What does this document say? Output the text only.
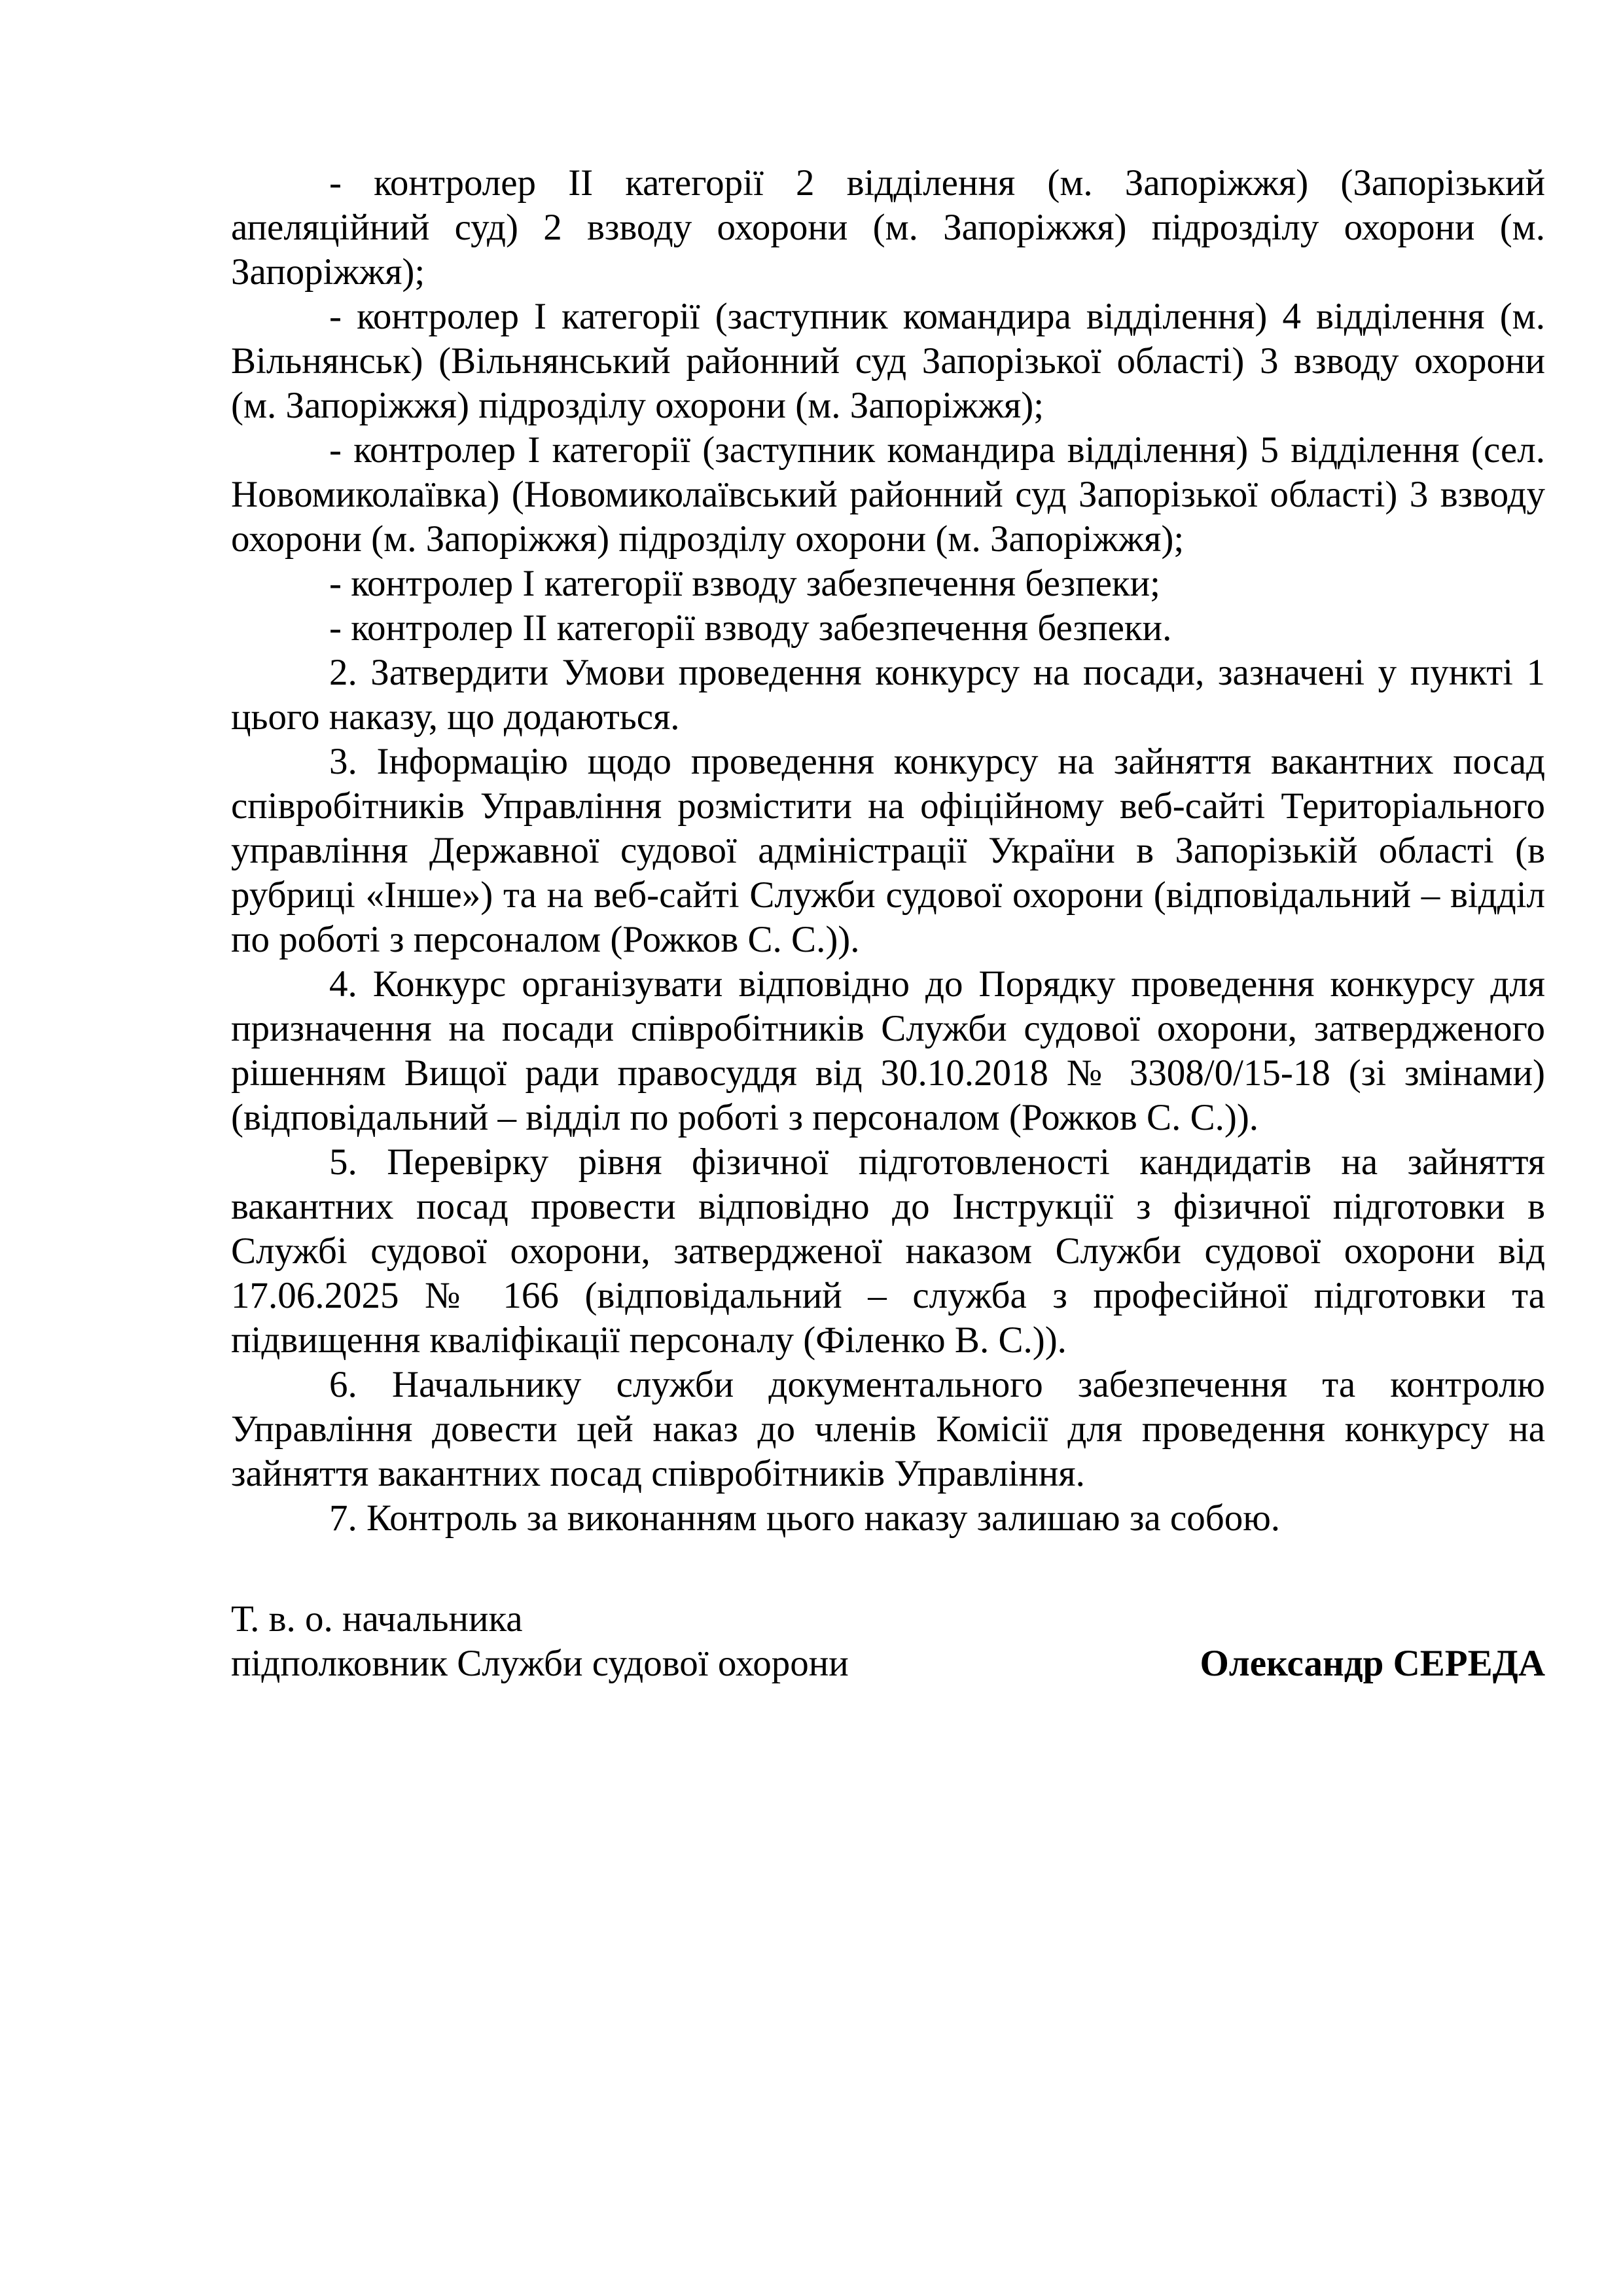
- контролер ІІ категорії 2 відділення (м. Запоріжжя) (Запорізький апеляційний суд) 2 взводу охорони (м. Запоріжжя) підрозділу охорони (м. Запоріжжя);

- контролер І категорії (заступник командира відділення) 4 відділення (м. Вільнянськ) (Вільнянський районний суд Запорізької області) 3 взводу охорони (м. Запоріжжя) підрозділу охорони (м. Запоріжжя);

- контролер І категорії (заступник командира відділення) 5 відділення (сел. Новомиколаївка) (Новомиколаївський районний суд Запорізької області) 3 взводу охорони (м. Запоріжжя) підрозділу охорони (м. Запоріжжя);

- контролер І категорії взводу забезпечення безпеки;

- контролер ІІ категорії взводу забезпечення безпеки.

2. Затвердити Умови проведення конкурсу на посади, зазначені у пункті 1 цього наказу, що додаються.

3. Інформацію щодо проведення конкурсу на зайняття вакантних посад співробітників Управління розмістити на офіційному веб-сайті Територіального управління Державної судової адміністрації України в Запорізькій області (в рубриці «Інше») та на веб-сайті Служби судової охорони (відповідальний – відділ по роботі з персоналом (Рожков С. С.)).

4. Конкурс організувати відповідно до Порядку проведення конкурсу для призначення на посади співробітників Служби судової охорони, затвердженого рішенням Вищої ради правосуддя від 30.10.2018 № 3308/0/15-18 (зі змінами) (відповідальний – відділ по роботі з персоналом (Рожков С. С.)).

5. Перевірку рівня фізичної підготовленості кандидатів на зайняття вакантних посад провести відповідно до Інструкції з фізичної підготовки в Службі судової охорони, затвердженої наказом Служби судової охорони від 17.06.2025 № 166 (відповідальний – служба з професійної підготовки та підвищення кваліфікації персоналу (Філенко В. С.)).

6. Начальнику служби документального забезпечення та контролю Управління довести цей наказ до членів Комісії для проведення конкурсу на зайняття вакантних посад співробітників Управління.

7. Контроль за виконанням цього наказу залишаю за собою.

Т. в. о. начальника

підполковник Служби судової охорони	Олександр СЕРЕДА
